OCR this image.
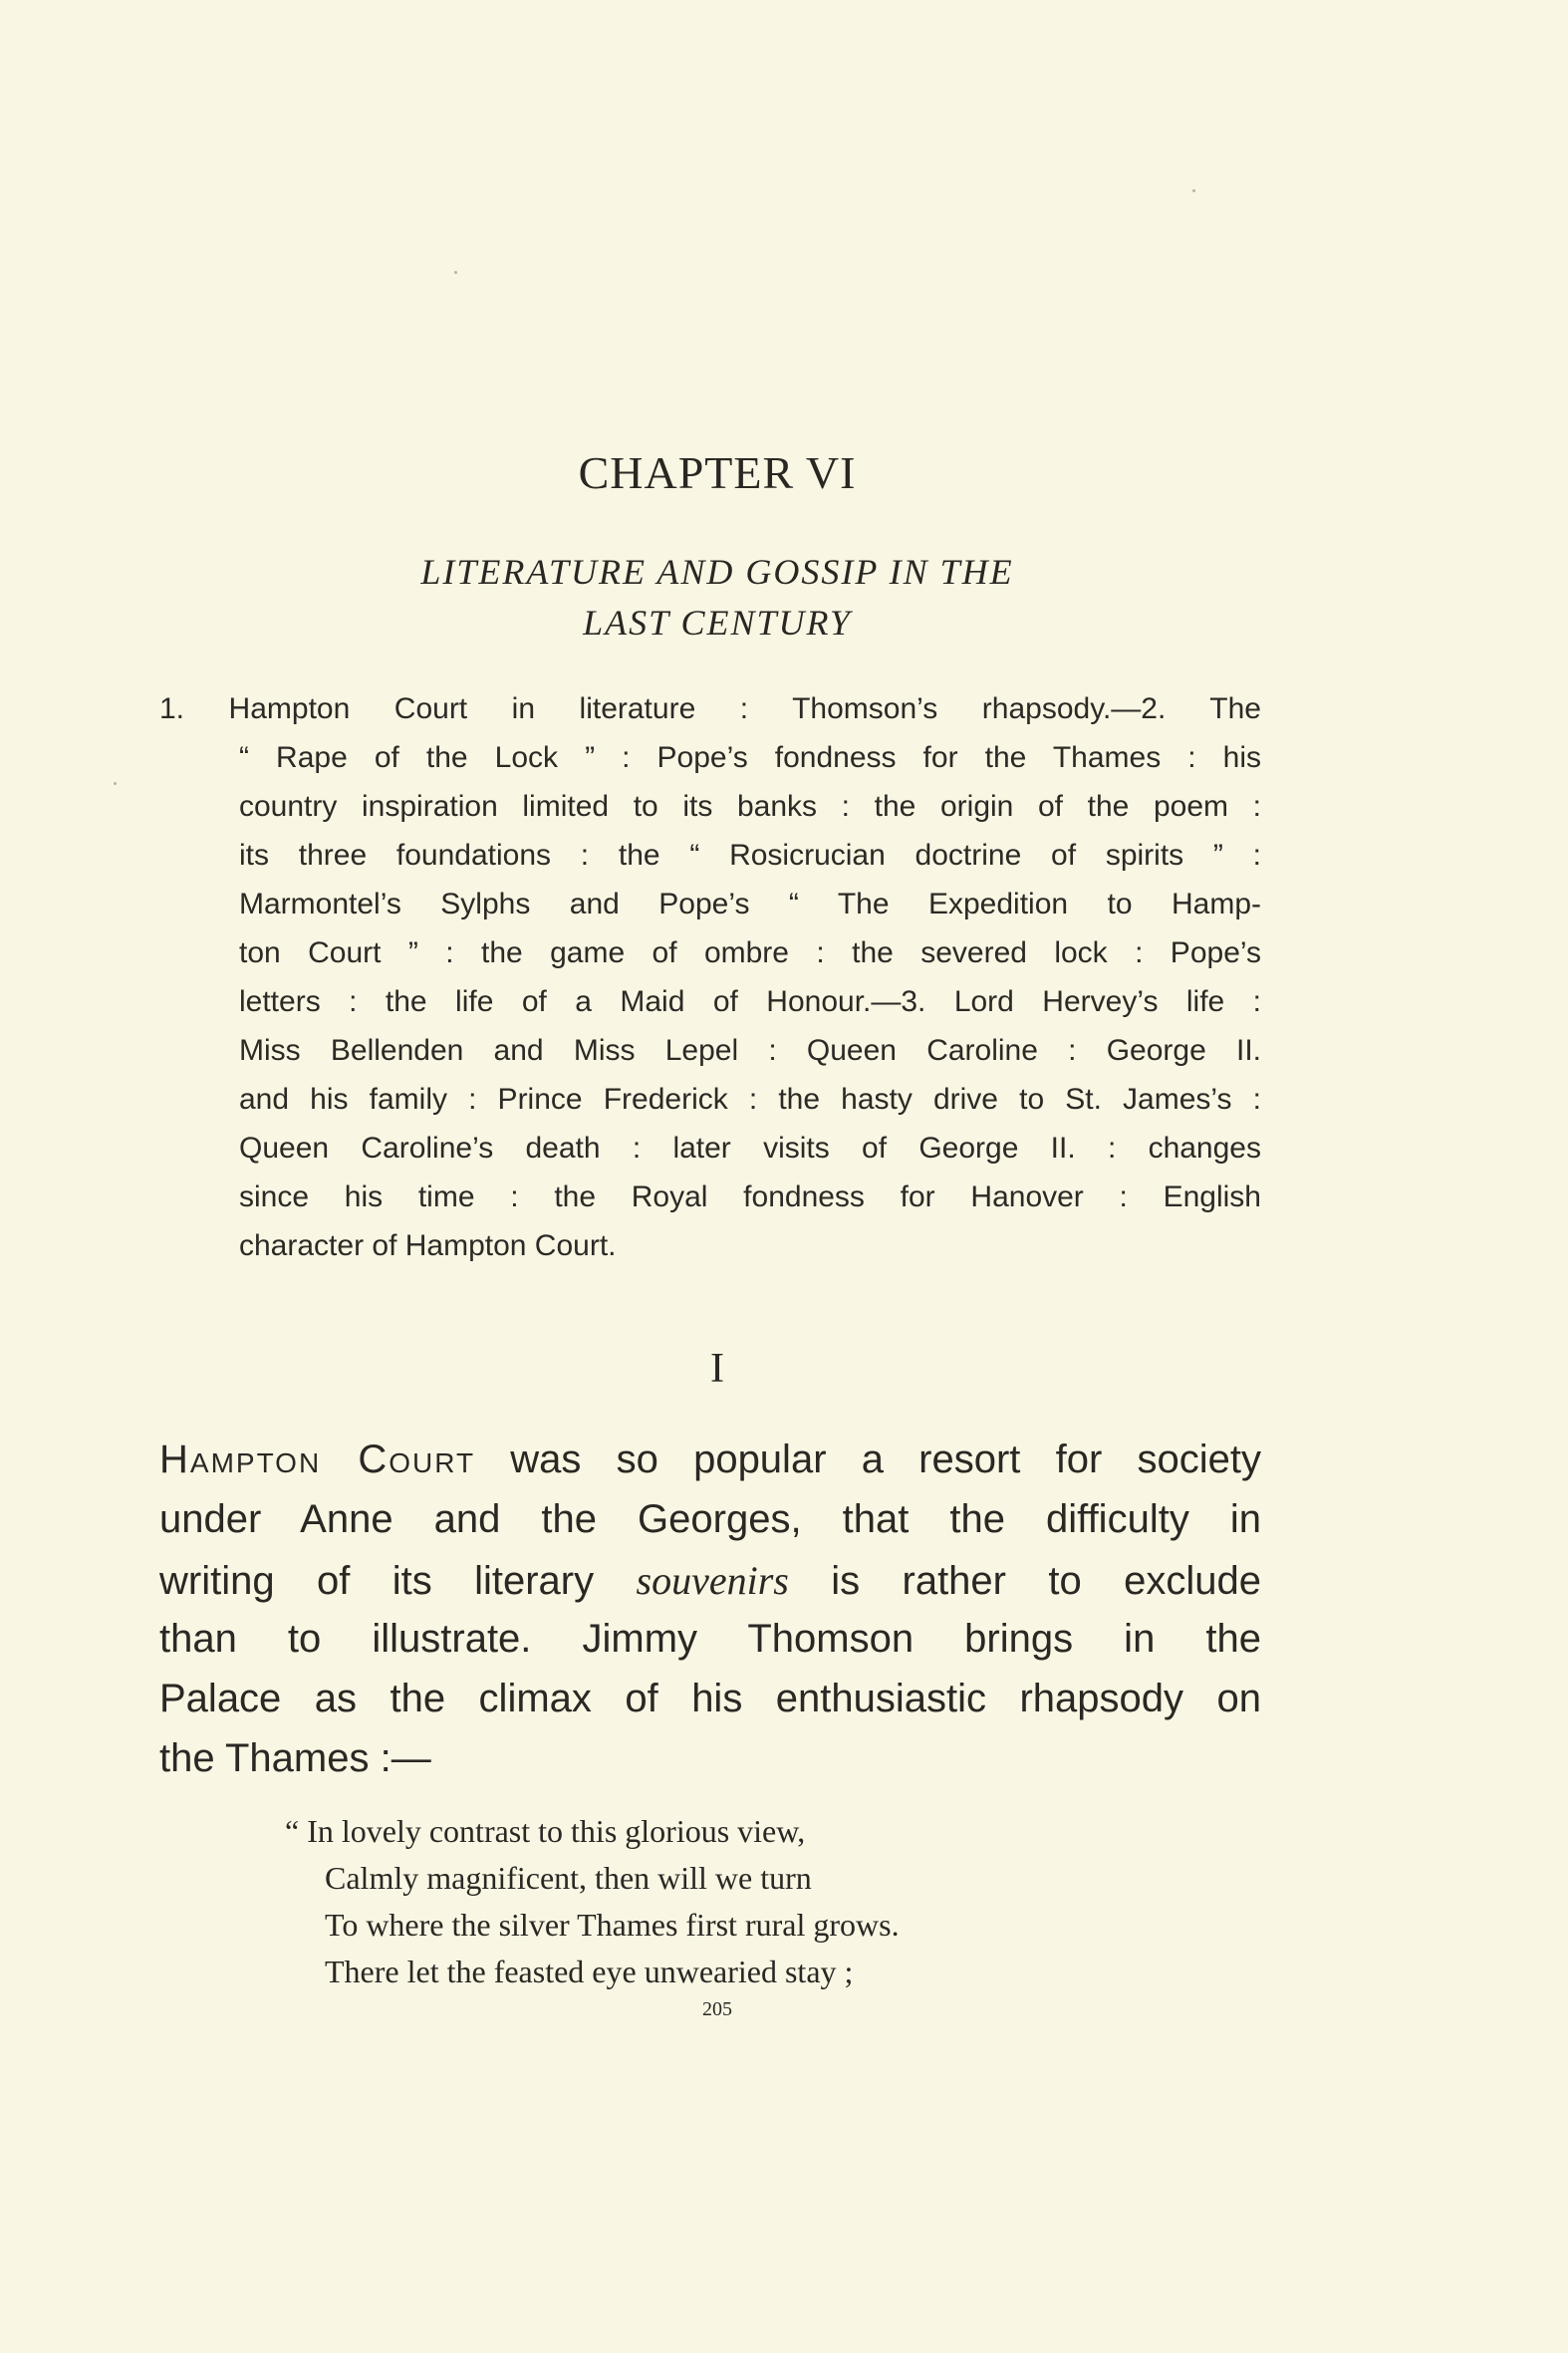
CHAPTER VI
LITERATURE AND GOSSIP IN THE
LAST CENTURY
1. Hampton Court in literature : Thomson’s rhapsody.—2. The
“ Rape of the Lock ” : Pope’s fondness for the Thames : his
country inspiration limited to its banks : the origin of the poem :
its three foundations : the “ Rosicrucian doctrine of spirits ” :
Marmontel’s Sylphs and Pope’s “ The Expedition to Hamp-
ton Court ” : the game of ombre : the severed lock : Pope’s
letters : the life of a Maid of Honour.—3. Lord Hervey’s life :
Miss Bellenden and Miss Lepel : Queen Caroline : George II.
and his family : Prince Frederick : the hasty drive to St. James’s :
Queen Caroline’s death : later visits of George II. : changes
since his time : the Royal fondness for Hanover : English
character of Hampton Court.
I
Hampton Court was so popular a resort for society
under Anne and the Georges, that the difficulty in
writing of its literary souvenirs is rather to exclude
than to illustrate. Jimmy Thomson brings in the
Palace as the climax of his enthusiastic rhapsody on
the Thames :—
“ In lovely contrast to this glorious view,
Calmly magnificent, then will we turn
To where the silver Thames first rural grows.
There let the feasted eye unwearied stay ;
205
